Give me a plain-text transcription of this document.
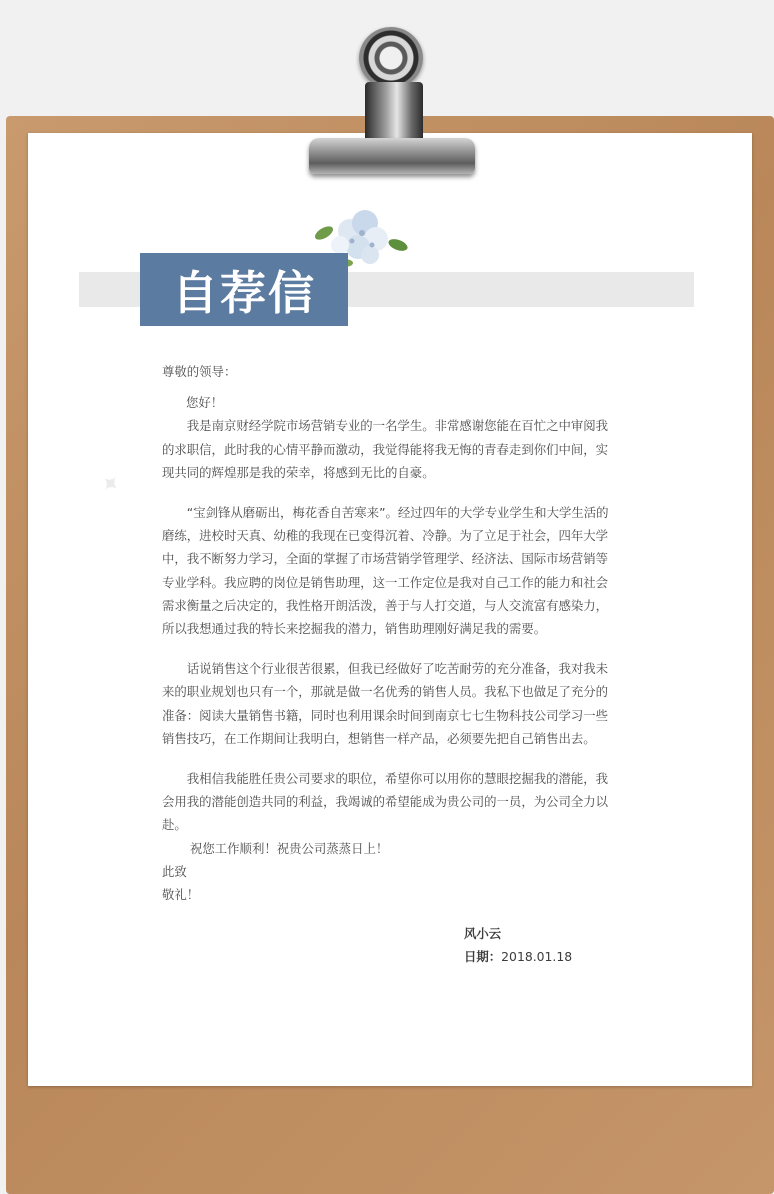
自荐信
✦

尊敬的领导：

您好！

我是南京财经学院市场营销专业的一名学生。非常感谢您能在百忙之中审阅我的求职信，此时我的心情平静而激动，我觉得能将我无悔的青春走到你们中间，实现共同的辉煌那是我的荣幸，将感到无比的自豪。

“宝剑锋从磨砺出，梅花香自苦寒来”。经过四年的大学专业学生和大学生活的磨练，进校时天真、幼稚的我现在已变得沉着、冷静。为了立足于社会，四年大学中，我不断努力学习，全面的掌握了市场营销学管理学、经济法、国际市场营销等专业学科。我应聘的岗位是销售助理，这一工作定位是我对自己工作的能力和社会需求衡量之后决定的，我性格开朗活泼，善于与人打交道，与人交流富有感染力，所以我想通过我的特长来挖掘我的潜力，销售助理刚好满足我的需要。

话说销售这个行业很苦很累，但我已经做好了吃苦耐劳的充分准备，我对我未来的职业规划也只有一个，那就是做一名优秀的销售人员。我私下也做足了充分的准备：阅读大量销售书籍，同时也利用课余时间到南京七七生物科技公司学习一些销售技巧，在工作期间让我明白，想销售一样产品，必须要先把自己销售出去。

我相信我能胜任贵公司要求的职位，希望你可以用你的慧眼挖掘我的潜能，我会用我的潜能创造共同的利益，我竭诚的希望能成为贵公司的一员，为公司全力以赴。

祝您工作顺利！祝贵公司蒸蒸日上！

此致

敬礼！

风小云
日期：2018.01.18
